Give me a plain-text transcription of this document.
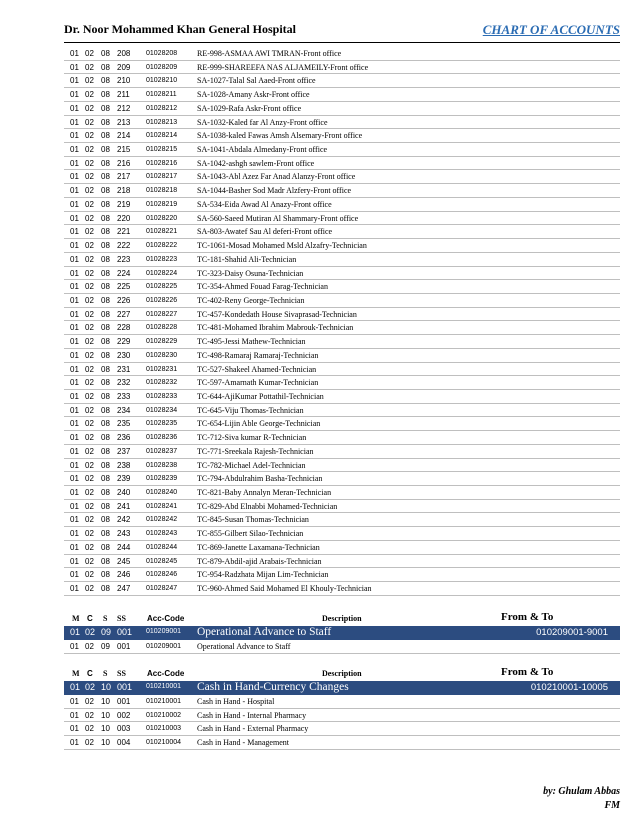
Dr. Noor Mohammed Khan General Hospital	CHART OF ACCOUNTS
01 02 08 208 01028208 RE-998-ASMAA AWI TMRAN-Front office
01 02 08 209 01028209 RE-999-SHAREEFA NAS ALJAMEILY-Front office
01 02 08 210 01028210 SA-1027-Talal Sal Aaed-Front office
01 02 08 211 01028211	SA-1028-Amany Askr-Front office
01 02 08 212 01028212 SA-1029-Rafa Askr-Front office
01 02 08 213 01028213 SA-1032-Kaled far Al Anzy-Front office
01 02 08 214 01028214 SA-1038-kaled Fawas Amsh Alsemary-Front office
01 02 08 215 01028215 SA-1041-Abdala Almedany-Front office
01 02 08 216 01028216 SA-1042-ashgh sawlem-Front office
01 02 08 217 01028217 SA-1043-Abl Azez Far Anad Alanzy-Front office
01 02 08 218 01028218 SA-1044-Basher Sod Madr Alzfery-Front office
01 02 08 219 01028219 SA-534-Eida Awad Al Anazy-Front office
01 02 08 220 01028220 SA-560-Saeed Mutiran Al Shammary-Front office
01 02 08 221 01028221 SA-803-Awatef Sau Al deferi-Front office
01 02 08 222 01028222 TC-1061-Mosad Mohamed Msld Alzafry-Technician
01 02 08 223 01028223 TC-181-Shahid Ali-Technician
01 02 08 224 01028224 TC-323-Daisy Osuna-Technician
01 02 08 225 01028225 TC-354-Ahmed Fouad Farag-Technician
01 02 08 226 01028226 TC-402-Reny George-Technician
01 02 08 227 01028227 TC-457-Kondedath House Sivaprasad-Technician
01 02 08 228 01028228 TC-481-Mohamed Ibrahim Mabrouk-Technician
01 02 08 229 01028229 TC-495-Jessi Mathew-Technician
01 02 08 230 01028230 TC-498-Ramaraj Ramaraj-Technician
01 02 08 231 01028231 TC-527-Shakeel Ahamed-Technician
01 02 08 232 01028232 TC-597-Amarnath Kumar-Technician
01 02 08 233 01028233 TC-644-AjiKumar Pottathil-Technician
01 02 08 234 01028234 TC-645-Viju Thomas-Technician
01 02 08 235 01028235 TC-654-Lijin Able George-Technician
01 02 08 236 01028236 TC-712-Siva kumar R-Technician
01 02 08 237 01028237 TC-771-Sreekala Rajesh-Technician
01 02 08 238 01028238 TC-782-Michael Adel-Technician
01 02 08 239 01028239 TC-794-Abdulrahim Basha-Technician
01 02 08 240 01028240 TC-821-Baby Annalyn Meran-Technician
01 02 08 241 01028241 TC-829-Abd Elnabbi Mohamed-Technician
01 02 08 242 01028242 TC-845-Susan Thomas-Technician
01 02 08 243 01028243 TC-855-Gilbert Silao-Technician
01 02 08 244 01028244 TC-869-Janette Laxamana-Technician
01 02 08 245 01028245 TC-879-Abdil-ajid Arabais-Technician
01 02 08 246 01028246 TC-954-Radzhata Mijan Lim-Technician
01 02 08 247 01028247 TC-960-Ahmed Said Mohamed El Khouly-Technician
M C S SS	Acc-Code	Description	From & To
01 02 09 001 010209001 Operational Advance to Staff	010209001-9001
01 02 09 001 010209001 Operational Advance to Staff
M C S SS	Acc-Code	Description	From & To
01 02 10 001 010210001 Cash in Hand-Currency Changes	010210001-10005
01 02 10 001 010210001 Cash in Hand - Hospital
01 02 10 002 010210002 Cash in Hand - Internal Pharmacy
01 02 10 003 010210003 Cash in Hand - External Pharmacy
01 02 10 004 010210004 Cash in Hand - Management
by: Ghulam Abbas
FM
